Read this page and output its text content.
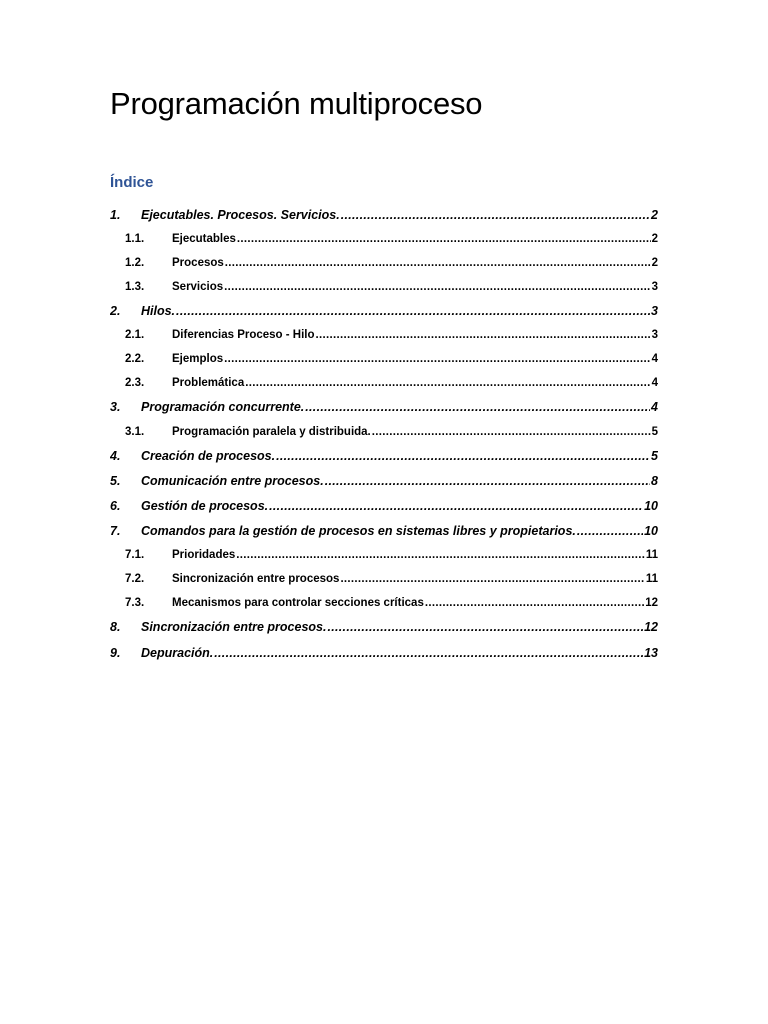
Programación multiproceso
Índice
1.	Ejecutables. Procesos. Servicios. .....	2
1.1.	Ejecutables .....	2
1.2.	Procesos .....	2
1.3.	Servicios .....	3
2.	Hilos. .....	3
2.1.	Diferencias Proceso - Hilo .....	3
2.2.	Ejemplos .....	4
2.3.	Problemática .....	4
3.	Programación concurrente. .....	4
3.1.	Programación paralela y distribuida. .....	5
4.	Creación de procesos. .....	5
5.	Comunicación entre procesos. .....	8
6.	Gestión de procesos. .....	10
7.	Comandos para la gestión de procesos en sistemas libres y propietarios. .....	10
7.1.	Prioridades .....	11
7.2.	Sincronización entre procesos .....	11
7.3.	Mecanismos para controlar secciones críticas .....	12
8.	Sincronización entre procesos. .....	12
9.	Depuración. .....	13
